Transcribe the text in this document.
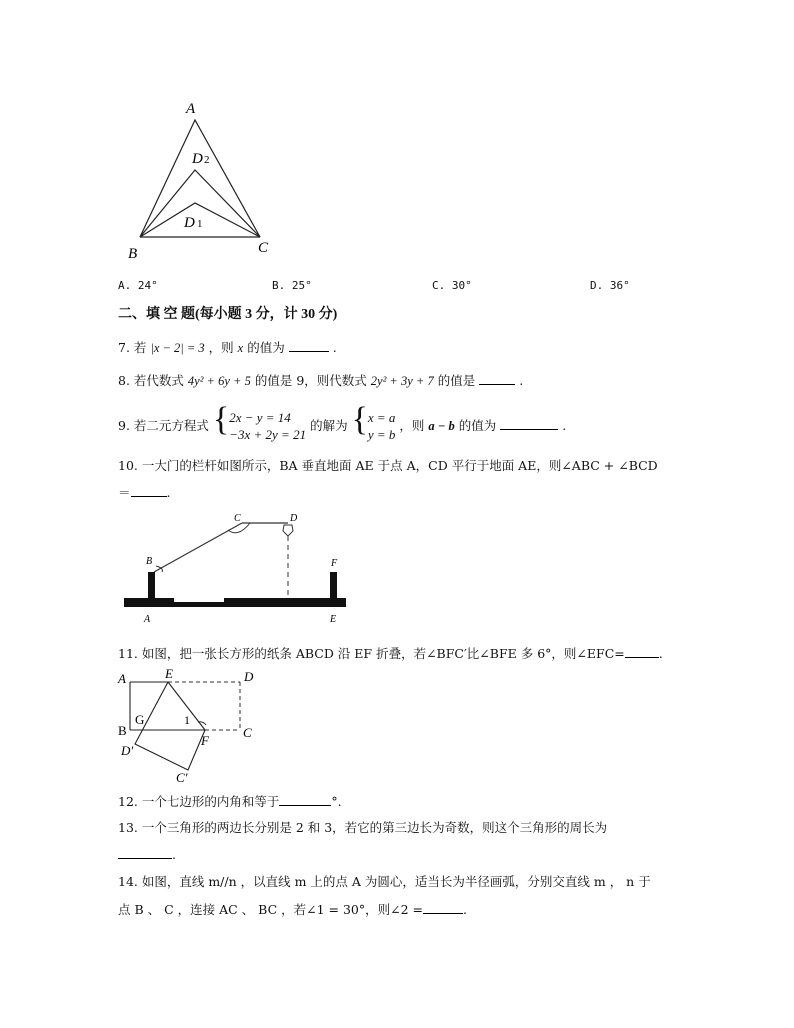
A
B	C
D 2
D 1
A. 24°	B. 25°	C. 30°	D. 36°
二、填 空 题(每小题 3 分，计 30 分)
7. 若 |x − 2| = 3 ，则 x 的值为	.
8. 若代数式 4y² + 6y + 5 的值是 9，则代数式 2y² + 3y + 7 的值是	.
9. 若二元方程式 {2x − y = 14
−3x + 2y = 21 的解为 {x = a
y = b ，则 a − b 的值为	.
10. 一大门的栏杆如图所示，BA 垂直地面 AE 于点 A，CD 平行于地面 AE，则∠ABC + ∠BCD
＝	.
C	D
B	F
A	E
11. 如图，把一张长方形的纸条 ABCD 沿 EF 折叠，若∠BFC′比∠BFE 多 6°，则∠EFC=	.
A	E	D
B
G	1
F
C
D′
C′
12. 一个七边形的内角和等于	°.
13. 一个三角形的两边长分别是 2 和 3，若它的第三边长为奇数，则这个三角形的周长为
.
14. 如图，直线 m//n ，以直线 m 上的点 A 为圆心，适当长为半径画弧，分别交直线 m ， n 于
点 B 、 C ，连接 AC 、 BC ，若∠1 = 30°，则∠2 =	.
